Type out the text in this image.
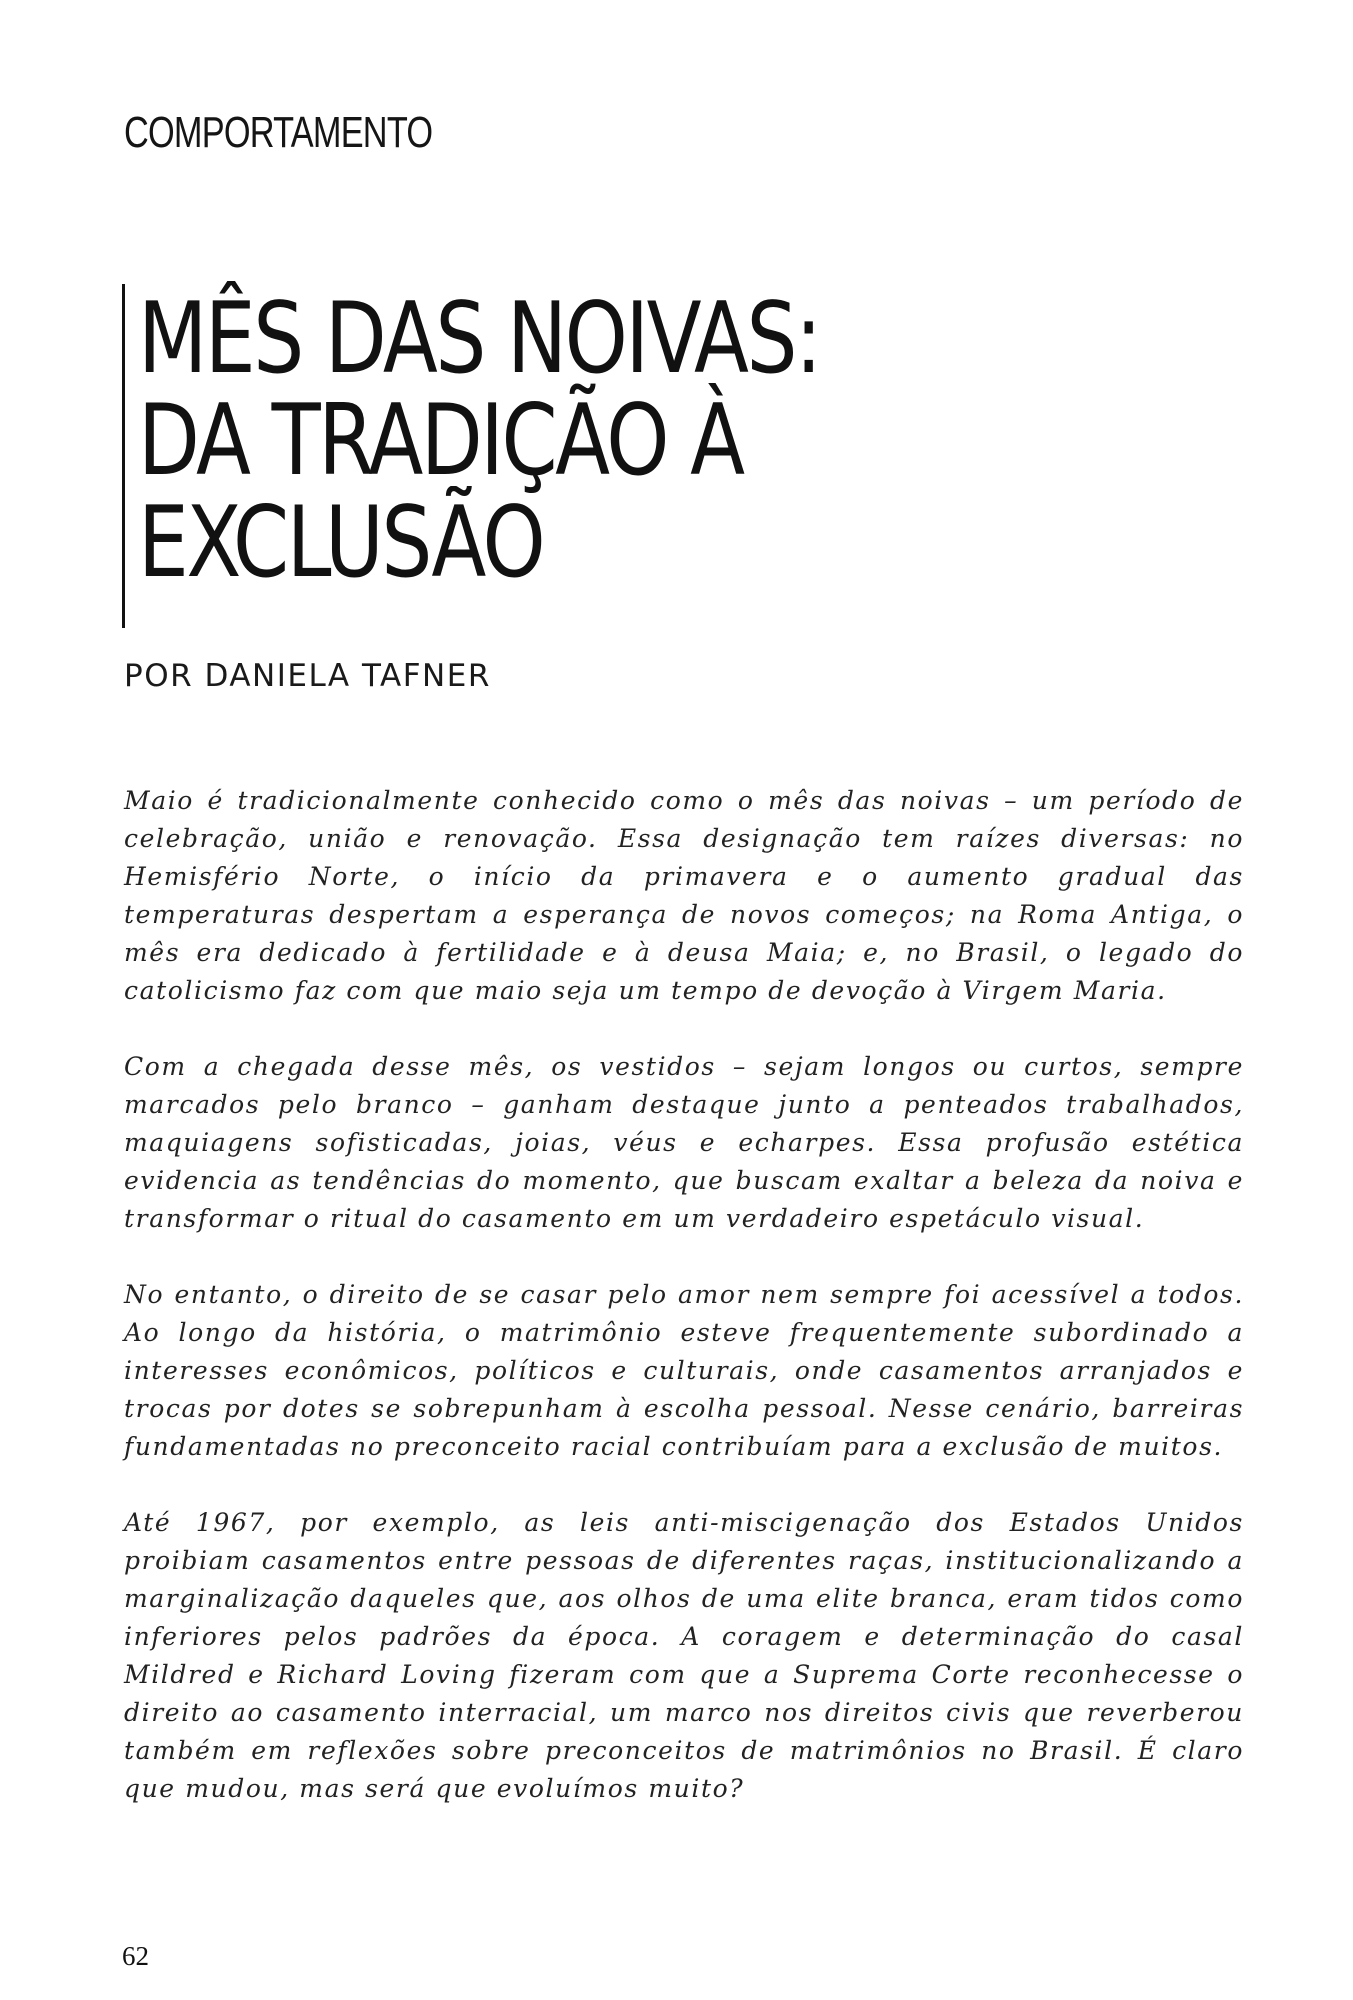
COMPORTAMENTO
MÊS DAS NOIVAS:
DA TRADIÇÃO À
EXCLUSÃO
POR DANIELA TAFNER

Maio é tradicionalmente conhecido como o mês das noivas – um período de celebração, união e renovação. Essa designação tem raízes diversas: no Hemisfério Norte, o início da primavera e o aumento gradual das temperaturas despertam a esperança de novos começos; na Roma Antiga, o mês era dedicado à fertilidade e à deusa Maia; e, no Brasil, o legado do catolicismo faz com que maio seja um tempo de devoção à Virgem Maria.

Com a chegada desse mês, os vestidos – sejam longos ou curtos, sempre marcados pelo branco – ganham destaque junto a penteados trabalhados, maquiagens sofisticadas, joias, véus e echarpes. Essa profusão estética evidencia as tendências do momento, que buscam exaltar a beleza da noiva e transformar o ritual do casamento em um verdadeiro espetáculo visual.

No entanto, o direito de se casar pelo amor nem sempre foi acessível a todos. Ao longo da história, o matrimônio esteve frequentemente subordinado a interesses econômicos, políticos e culturais, onde casamentos arranjados e trocas por dotes se sobrepunham à escolha pessoal. Nesse cenário, barreiras fundamentadas no preconceito racial contribuíam para a exclusão de muitos.

Até 1967, por exemplo, as leis anti-miscigenação dos Estados Unidos proibiam casamentos entre pessoas de diferentes raças, institucionalizando a marginalização daqueles que, aos olhos de uma elite branca, eram tidos como inferiores pelos padrões da época. A coragem e determinação do casal Mildred e Richard Loving fizeram com que a Suprema Corte reconhecesse o direito ao casamento interracial, um marco nos direitos civis que reverberou também em reflexões sobre preconceitos de matrimônios no Brasil. É claro que mudou, mas será que evoluímos muito?

62
